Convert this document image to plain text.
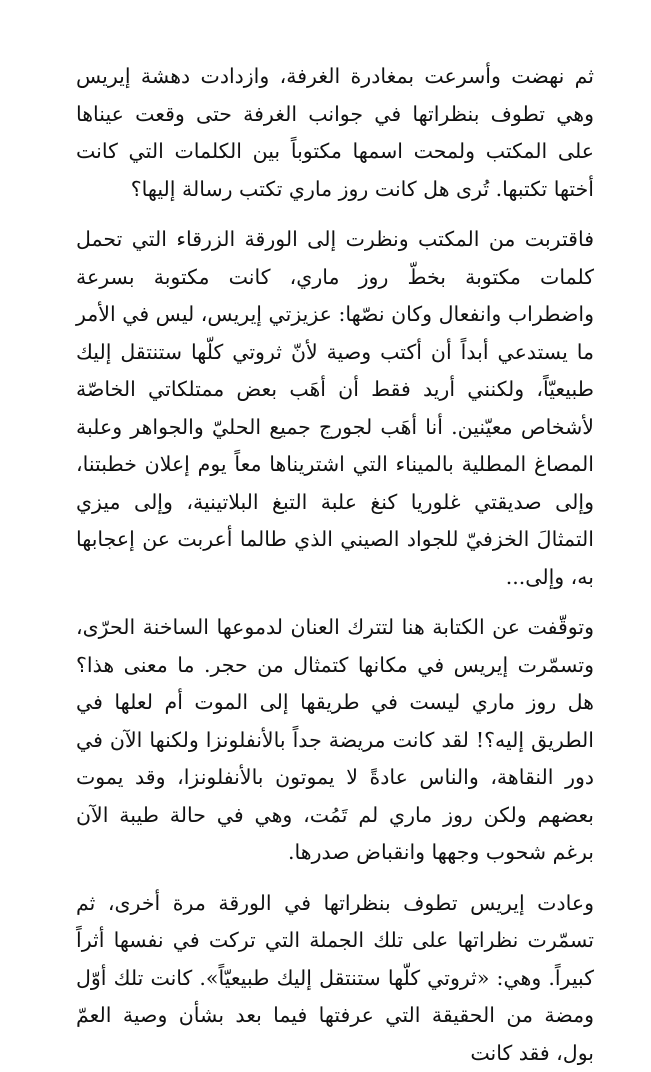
ثم نهضت وأسرعت بمغادرة الغرفة، وازدادت دهشة إيريس وهي تطوف بنظراتها في جوانب الغرفة حتى وقعت عيناها على المكتب ولمحت اسمها مكتوباً بين الكلمات التي كانت أختها تكتبها. تُرى هل كانت روز ماري تكتب رسالة إليها؟

فاقتربت من المكتب ونظرت إلى الورقة الزرقاء التي تحمل كلمات مكتوبة بخطّ روز ماري، كانت مكتوبة بسرعة واضطراب وانفعال وكان نصّها: عزيزتي إيريس، ليس في الأمر ما يستدعي أبداً أن أكتب وصية لأنّ ثروتي كلّها ستنتقل إليك طبيعيّاً، ولكنني أريد فقط أن أهَب بعض ممتلكاتي الخاصّة لأشخاص معيّنين. أنا أهَب لجورج جميع الحليّ والجواهر وعلبة المصاغ المطلية بالميناء التي اشتريناها معاً يوم إعلان خطبتنا، وإلى صديقتي غلوريا كنغ علبة التبغ البلاتينية، وإلى ميزي التمثالَ الخزفيّ للجواد الصيني الذي طالما أعربت عن إعجابها به، وإلى...

وتوقّفت عن الكتابة هنا لتترك العنان لدموعها الساخنة الحرّى، وتسمّرت إيريس في مكانها كتمثال من حجر. ما معنى هذا؟ هل روز ماري ليست في طريقها إلى الموت أم لعلها في الطريق إليه؟! لقد كانت مريضة جداً بالأنفلونزا ولكنها الآن في دور النقاهة، والناس عادةً لا يموتون بالأنفلونزا، وقد يموت بعضهم ولكن روز ماري لم تَمُت، وهي في حالة طيبة الآن برغم شحوب وجهها وانقباض صدرها.

وعادت إيريس تطوف بنظراتها في الورقة مرة أخرى، ثم تسمّرت نظراتها على تلك الجملة التي تركت في نفسها أثراً كبيراً. وهي: «ثروتي كلّها ستنتقل إليك طبيعيّاً». كانت تلك أوّل ومضة من الحقيقة التي عرفتها فيما بعد بشأن وصية العمّ بول، فقد كانت
